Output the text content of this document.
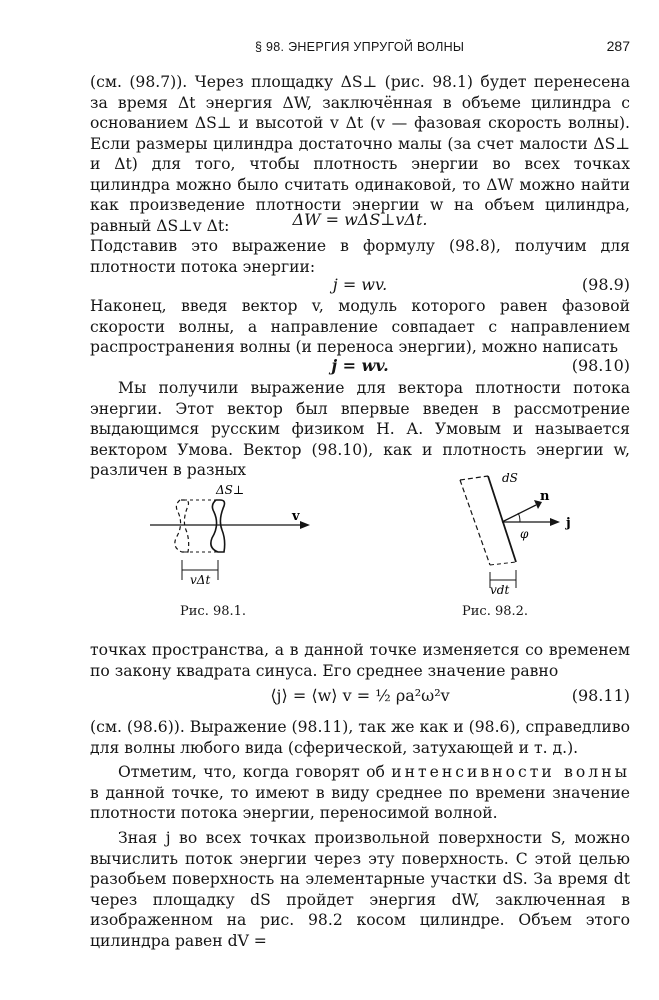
§ 98. ЭНЕРГИЯ УПРУГОЙ ВОЛНЫ	287

(см. (98.7)). Через площадку ΔS⊥ (рис. 98.1) будет перенесена за время Δt энергия ΔW, заключённая в объеме цилиндра с основанием ΔS⊥ и высотой v Δt (v — фазовая скорость волны). Если размеры цилиндра достаточно малы (за счет малости ΔS⊥ и Δt) для того, чтобы плотность энергии во всех точках цилиндра можно было считать одинаковой, то ΔW можно найти как произведение плотности энергии w на объем цилиндра, равный ΔS⊥v Δt:	ΔW = wΔS⊥vΔt.

Подставив это выражение в формулу (98.8), получим для плотности потока энергии:

j = wv.	(98.9)

Наконец, введя вектор v, модуль которого равен фазовой скорости волны, а направление совпадает с направлением распространения волны (и переноса энергии), можно написать

j = wv.	(98.10)

Мы получили выражение для вектора плотности потока энергии. Этот вектор был впервые введен в рассмотрение выдающимся русским физиком Н. А. Умовым и называется вектором Умова. Вектор (98.10), как и плотность энергии w, различен в разных

ΔS⊥
vΔt
v
Рис. 98.1.
dS
n
φ
j
vdt
Рис. 98.2.

точках пространства, а в данной точке изменяется со временем по закону квадрата синуса. Его среднее значение равно

⟨j⟩ = ⟨w⟩ v = ½ ρa²ω²v	(98.11)

(см. (98.6)). Выражение (98.11), так же как и (98.6), справедливо для волны любого вида (сферической, затухающей и т. д.).

Отметим, что, когда говорят об интенсивности волны в данной точке, то имеют в виду среднее по времени значение плотности потока энергии, переносимой волной.

Зная j во всех точках произвольной поверхности S, можно вычислить поток энергии через эту поверхность. С этой целью разобьем поверхность на элементарные участки dS. За время dt через площадку dS пройдет энергия dW, заключенная в изображенном на рис. 98.2 косом цилиндре. Объем этого цилиндра равен dV =
